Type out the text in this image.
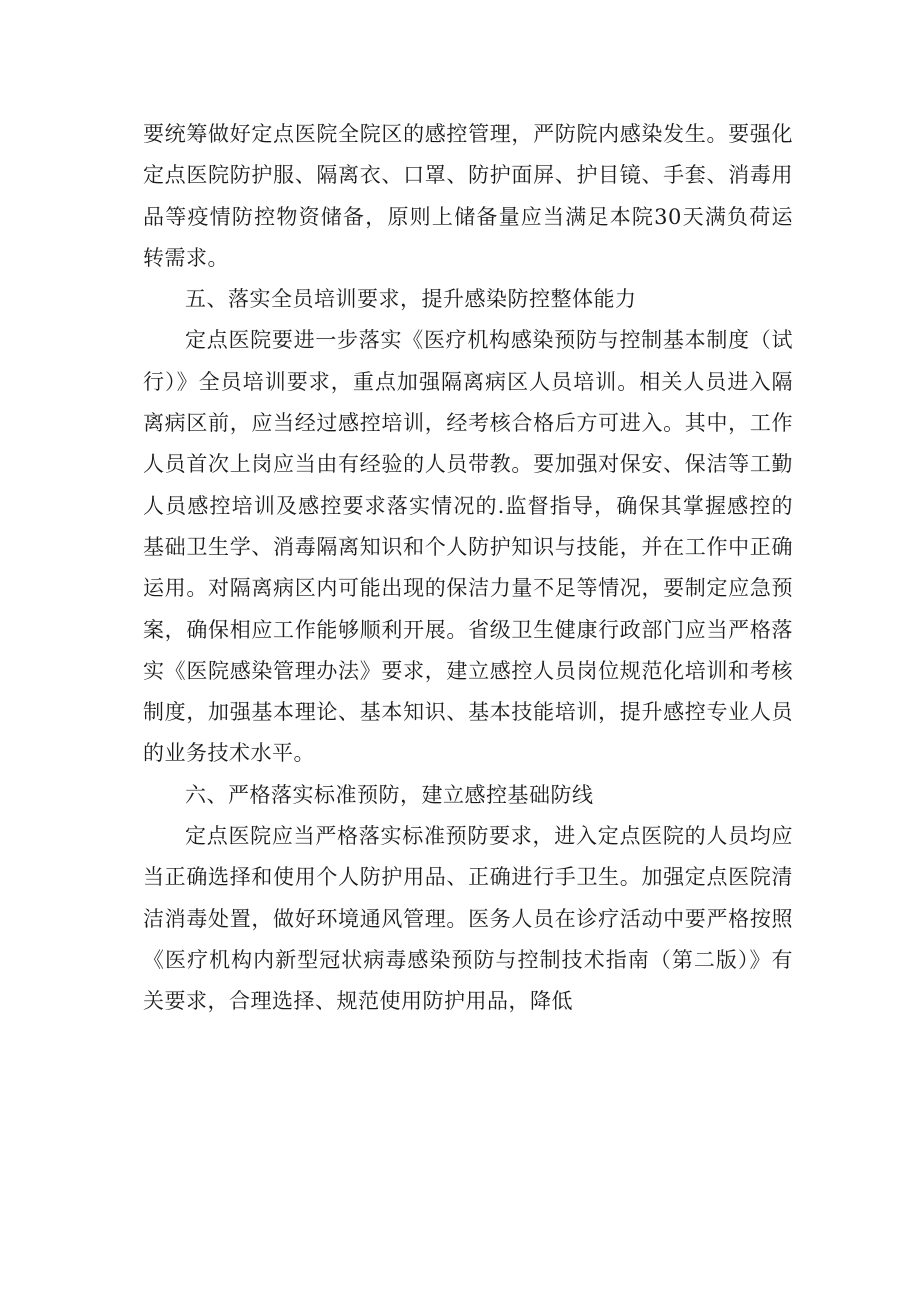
要统筹做好定点医院全院区的感控管理，严防院内感染发生。要强化定点医院防护服、隔离衣、口罩、防护面屏、护目镜、手套、消毒用品等疫情防控物资储备，原则上储备量应当满足本院30天满负荷运转需求。

五、落实全员培训要求，提升感染防控整体能力

定点医院要进一步落实《医疗机构感染预防与控制基本制度（试行）》全员培训要求，重点加强隔离病区人员培训。相关人员进入隔离病区前，应当经过感控培训，经考核合格后方可进入。其中，工作人员首次上岗应当由有经验的人员带教。要加强对保安、保洁等工勤人员感控培训及感控要求落实情况的.监督指导，确保其掌握感控的基础卫生学、消毒隔离知识和个人防护知识与技能，并在工作中正确运用。对隔离病区内可能出现的保洁力量不足等情况，要制定应急预案，确保相应工作能够顺利开展。省级卫生健康行政部门应当严格落实《医院感染管理办法》要求，建立感控人员岗位规范化培训和考核制度，加强基本理论、基本知识、基本技能培训，提升感控专业人员的业务技术水平。

六、严格落实标准预防，建立感控基础防线

定点医院应当严格落实标准预防要求，进入定点医院的人员均应当正确选择和使用个人防护用品、正确进行手卫生。加强定点医院清洁消毒处置，做好环境通风管理。医务人员在诊疗活动中要严格按照《医疗机构内新型冠状病毒感染预防与控制技术指南（第二版）》有关要求，合理选择、规范使用防护用品，降低
